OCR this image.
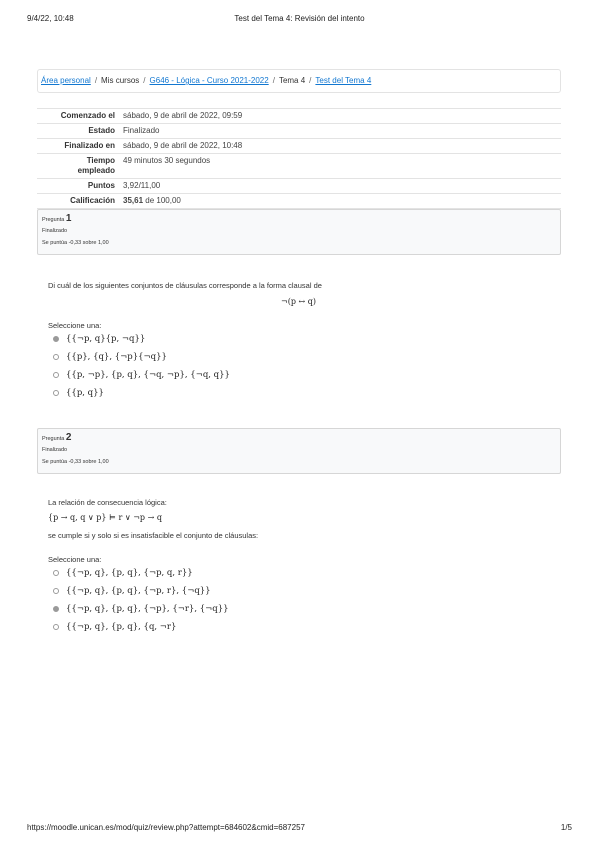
9/4/22, 10:48	Test del Tema 4: Revisión del intento
Área personal / Mis cursos / G646 - Lógica - Curso 2021-2022 / Tema 4 / Test del Tema 4
Comenzado el	sábado, 9 de abril de 2022, 09:59
Estado	Finalizado
Finalizado en	sábado, 9 de abril de 2022, 10:48
Tiempo
empleado	49 minutos 30 segundos
Puntos	3,92/11,00
Calificación	35,61 de 100,00
Pregunta 1
Finalizado
Se puntúa -0,33 sobre 1,00
Di cuál de los siguientes conjuntos de cláusulas corresponde a la forma clausal de
¬(p ↔ q)
Seleccione una:
{{¬p, q}{p, ¬q}}
{{p}, {q}, {¬p}{¬q}}
{{p, ¬p}, {p, q}, {¬q, ¬p}, {¬q, q}}
{{p, q}}
Pregunta 2
Finalizado
Se puntúa -0,33 sobre 1,00
La relación de consecuencia lógica:
{p → q, q ∨ p} ⊨ r ∨ ¬p → q
se cumple si y solo si es insatisfacible el conjunto de cláusulas:
Seleccione una:
{{¬p, q}, {p, q}, {¬p, q, r}}
{{¬p, q}, {p, q}, {¬p, r}, {¬q}}
{{¬p, q}, {p, q}, {¬p}, {¬r}, {¬q}}
{{¬p, q}, {p, q}, {q, ¬r}
https://moodle.unican.es/mod/quiz/review.php?attempt=684602&cmid=687257	1/5
